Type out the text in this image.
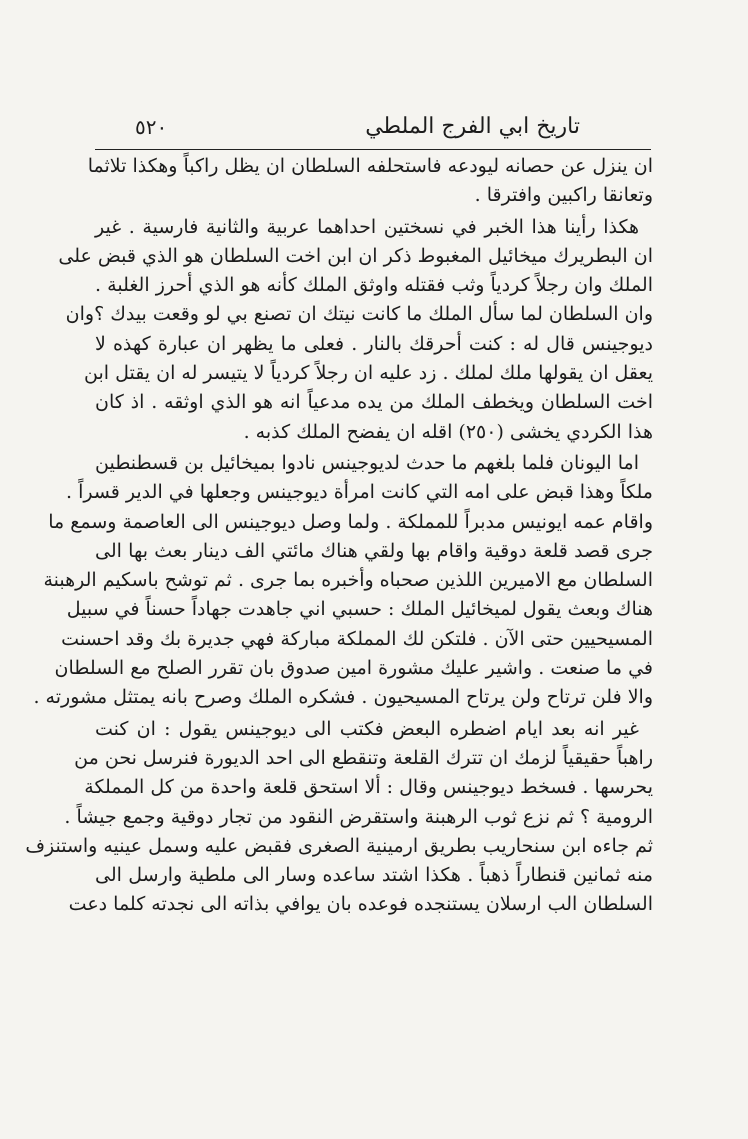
تاريخ ابي الفرج الملطي
٥٢٠
ان ينزل عن حصانه ليودعه فاستحلفه السلطان ان يظل راكباً وهكذا تلاثما
وتعانقا راكبين وافترقا .
هكذا رأينا هذا الخبر في نسختين احداهما عربية والثانية فارسية . غير
ان البطريرك ميخائيل المغبوط ذكر ان ابن اخت السلطان هو الذي قبض على
الملك وان رجلاً كردياً وثب فقتله واوثق الملك كأنه هو الذي أحرز الغلبة .
وان السلطان لما سأل الملك ما كانت نيتك ان تصنع بي لو وقعت بيدك ؟وان
ديوجينس قال له : كنت أحرقك بالنار . فعلى ما يظهر ان عبارة كهذه لا
يعقل ان يقولها ملك لملك . زد عليه ان رجلاً كردياً لا يتيسر له ان يقتل ابن
اخت السلطان ويخطف الملك من يده مدعياً انه هو الذي اوثقه . اذ كان
هذا الكردي يخشى (٢٥٠) اقله ان يفضح الملك كذبه .
اما اليونان فلما بلغهم ما حدث لديوجينس نادوا بميخائيل بن قسطنطين
ملكاً وهذا قبض على امه التي كانت امرأة ديوجينس وجعلها في الدير قسراً .
واقام عمه ايونيس مدبراً للمملكة . ولما وصل ديوجينس الى العاصمة وسمع ما
جرى قصد قلعة دوقية واقام بها ولقي هناك مائتي الف دينار بعث بها الى
السلطان مع الاميرين اللذين صحباه وأخبره بما جرى . ثم توشح باسكيم الرهبنة
هناك وبعث يقول لميخائيل الملك : حسبي اني جاهدت جهاداً حسناً في سبيل
المسيحيين حتى الآن . فلتكن لك المملكة مباركة فهي جديرة بك وقد احسنت
في ما صنعت . واشير عليك مشورة امين صدوق بان تقرر الصلح مع السلطان
والا فلن ترتاح ولن يرتاح المسيحيون . فشكره الملك وصرح بانه يمتثل مشورته .
غير انه بعد ايام اضطره البعض فكتب الى ديوجينس يقول : ان كنت
راهباً حقيقياً لزمك ان تترك القلعة وتنقطع الى احد الديورة فنرسل نحن من
يحرسها . فسخط ديوجينس وقال : ألا استحق قلعة واحدة من كل المملكة
الرومية ؟ ثم نزع ثوب الرهبنة واستقرض النقود من تجار دوقية وجمع جيشاً .
ثم جاءه ابن سنحاريب بطريق ارمينية الصغرى فقبض عليه وسمل عينيه واستنزف
منه ثمانين قنطاراً ذهباً . هكذا اشتد ساعده وسار الى ملطية وارسل الى
السلطان الب ارسلان يستنجده فوعده بان يوافي بذاته الى نجدته كلما دعت
